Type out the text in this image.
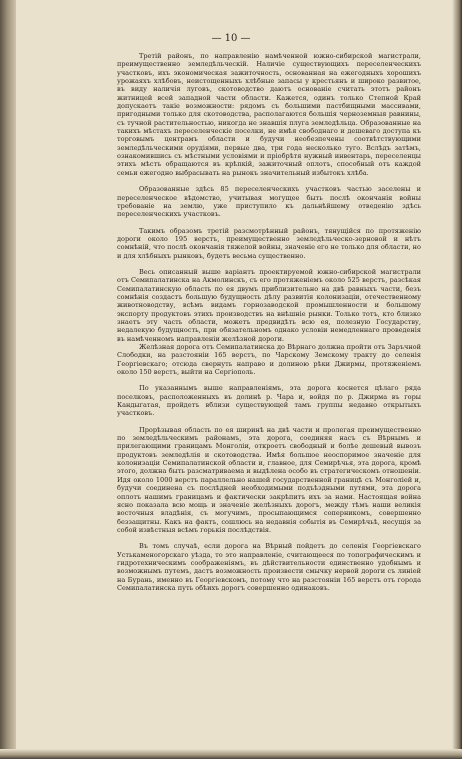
— 10 —

Третій районъ, по направленію намѣченной южно-сибирской магистрали, преимущественно земледѣльческій. Наличіе существующихъ переселенческихъ участковъ, ихъ экономическая зажиточность, основанная на ежегодныхъ хорошихъ урожаяхъ хлѣбовъ, неистощенныхъ хлѣбные запасы у крестьянъ и широко развитое, въ виду наличія луговъ, скотоводство даютъ основаніе считать этотъ районъ житницей всей западной части области. Кажется, одинъ только Степной Край допускаетъ такіе возможности: рядомъ съ большими пастбищными массивами, пригодными только для скотоводства, располагаются большія черноземныя равнины, съ тучной растительностью, никогда не знавшія плуга земледѣльца. Образованные на такихъ мѣстахъ переселенческіе поселки, не имѣя свободнаго и дешеваго доступа къ торговымъ центрамъ области и будучи необезпечены соотвѣтствующими земледѣльческими орудіями, первые два, три года несколько туго. Вслѣдъ затѣмъ, ознакомившись съ мѣстными условіями и пріобрѣтя нужный инвентарь, переселенцы этихъ мѣстъ обращаются въ крѣпкій, зажиточный оплотъ, способный отъ каждой семьи ежегодно выбрасывать на рынокъ значительный избытокъ хлѣба.

Образованные здѣсь 85 переселенческихъ участковъ частью заселены и переселенческое вѣдомство, учитывая могущее быть послѣ окончанія войны требованіе на землю, уже приступило къ дальнѣйшему отведенію здѣсь переселенческихъ участковъ.

Такимъ образомъ третій разсмотрѣнный районъ, тянущійся по протяженію дороги около 195 верстъ, преимущественно земледѣльческо-зерновой и нѣтъ сомнѣній, что послѣ окончанія тяжелой войны, значеніе его не только для области, но и для хлѣбныхъ рынковъ, будетъ весьма существенно.

Весь описанный выше варіантъ проектируемой южно-сибирской магистрали отъ Семипалатинска на Акмолинскъ, съ его протяженіемъ около 525 верстъ, разсѣкая Семипалатинскую область по ея двумъ приблизительно на двѣ равныхъ части, безъ сомнѣнія создастъ большую будущность дѣлу развитія колонизаціи, отечественному животноводству, всѣмъ видамъ горнозаводской промышленности и большому экспорту продуктовъ этихъ производствъ на внѣшніе рынки. Только тотъ, кто близко знаетъ эту часть области, можетъ предвидѣть всю ея, полезную Государству, недалекую будущность, при обязательномъ однако условіи немедленнаго проведенія въ намѣченномъ направленіи желѣзной дороги.

Желѣзная дорога отъ Семипалатинска до Вѣрнаго должна пройти отъ Заръчной Слободки, на разстояніи 165 верстъ, по Чарскому Земскому тракту до селенія Георгіевскаго; отсюда свернуть направо и долиною рѣки Джирмы, протяженіемъ около 150 верстъ, выйти на Сергіополь.

По указаннымъ выше направленіямъ, эта дорога коснется цѣлаго ряда поселковъ, расположенныхъ въ долинѣ р. Чара и, войдя по р. Джирма въ горы Кандыгатая, пройдетъ вблизи существующей тамъ группы недавно открытыхъ участковъ.

Прорѣзывая область по ея ширинѣ на двѣ части и пролегая преимущественно по земледѣльческимъ районамъ, эта дорога, соединяя насъ съ Вѣрнымъ и прилегающими границамъ Монголіи, откроетъ свободный и болѣе дешевый вывозъ продуктовъ земледѣлія и скотоводства. Имѣя большое неоспоримое значеніе для колонизаціи Семипалатинской области и, главное, для Семирѣчья, эта дорога, кромѣ этого, должна быть разсматриваема и выдѣлена особо въ стратегическомъ отношеніи. Идя около 1000 верстъ параллельно нашей государственной границѣ съ Монголіей и, будучи соединена съ послѣдней необходимыми подъѣздными путями, эта дорога оплотъ нашимъ границамъ и фактически закрѣпитъ ихъ за нами. Настоящая война ясно показала всю мощь и значеніе желѣзныхъ дорогъ, между тѣмъ наши великія восточныя владѣнія, съ могучимъ, просыпающимся соперникомъ, совершенно беззащитны. Какъ на фактъ, сошлюсь на недавнія событія въ Семирѣчьѣ, несущія за собой извѣстныя всѣмъ горькія послѣдствія.

Въ томъ случаѣ, если дорога на Вѣрный пойдетъ до селенія Георгіевскаго Устькаменогорскаго уѣзда, то это направленіе, считающееся по топографическимъ и гидротехническимъ соображеніямъ, въ дѣйствительности единственно удобнымъ и возможнымъ путемъ, дастъ возможность произвести смычку нервой дороги съ линіей на Бурань, именно въ Георгіевскомъ, потому что на разстояніи 165 верстъ отъ города Семипалатинска путь обѣихъ дорогъ совершенно одинаковъ.
